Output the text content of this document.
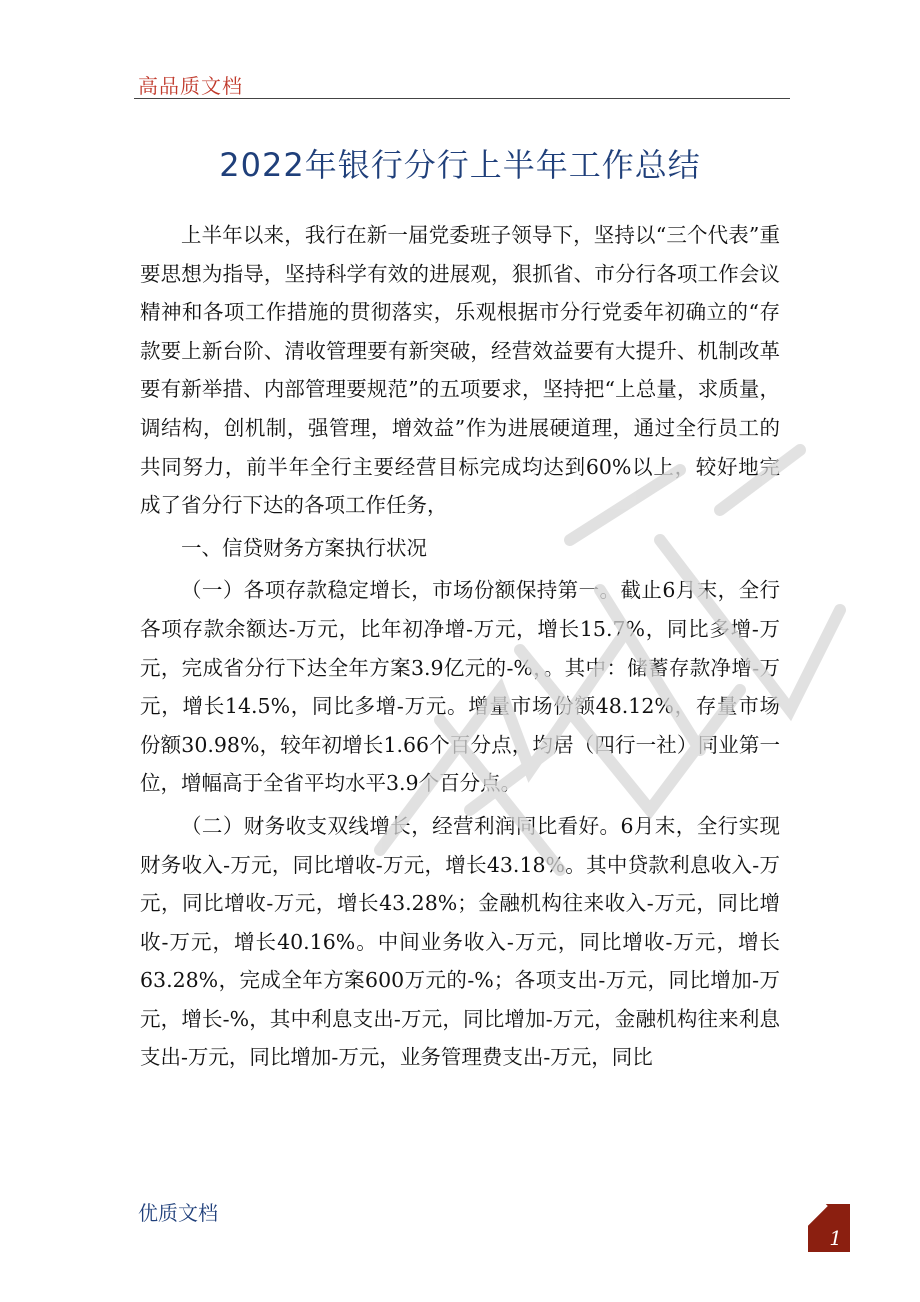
高品质文档
2022年银行分行上半年工作总结

上半年以来，我行在新一届党委班子领导下，坚持以“三个代表”重要思想为指导，坚持科学有效的进展观，狠抓省、市分行各项工作会议精神和各项工作措施的贯彻落实，乐观根据市分行党委年初确立的“存款要上新台阶、清收管理要有新突破，经营效益要有大提升、机制改革要有新举措、内部管理要规范”的五项要求，坚持把“上总量，求质量，调结构，创机制，强管理，增效益”作为进展硬道理，通过全行员工的共同努力，前半年全行主要经营目标完成均达到60%以上，较好地完成了省分行下达的各项工作任务，

一、信贷财务方案执行状况

（一）各项存款稳定增长，市场份额保持第一。截止6月末，全行各项存款余额达-万元，比年初净增-万元，增长15.7%，同比多增-万元，完成省分行下达全年方案3.9亿元的-%，。其中：储蓄存款净增-万元，增长14.5%，同比多增-万元。增量市场份额48.12%，存量市场份额30.98%，较年初增长1.66个百分点，均居（四行一社）同业第一位，增幅高于全省平均水平3.9个百分点。

（二）财务收支双线增长，经营利润同比看好。6月末，全行实现财务收入-万元，同比增收-万元，增长43.18%。其中贷款利息收入-万元，同比增收-万元，增长43.28%；金融机构往来收入-万元，同比增收-万元，增长40.16%。中间业务收入-万元，同比增收-万元，增长63.28%，完成全年方案600万元的-%；各项支出-万元，同比增加-万元，增长-%，其中利息支出-万元，同比增加-万元，金融机构往来利息支出-万元，同比增加-万元，业务管理费支出-万元，同比

优质文档
1
